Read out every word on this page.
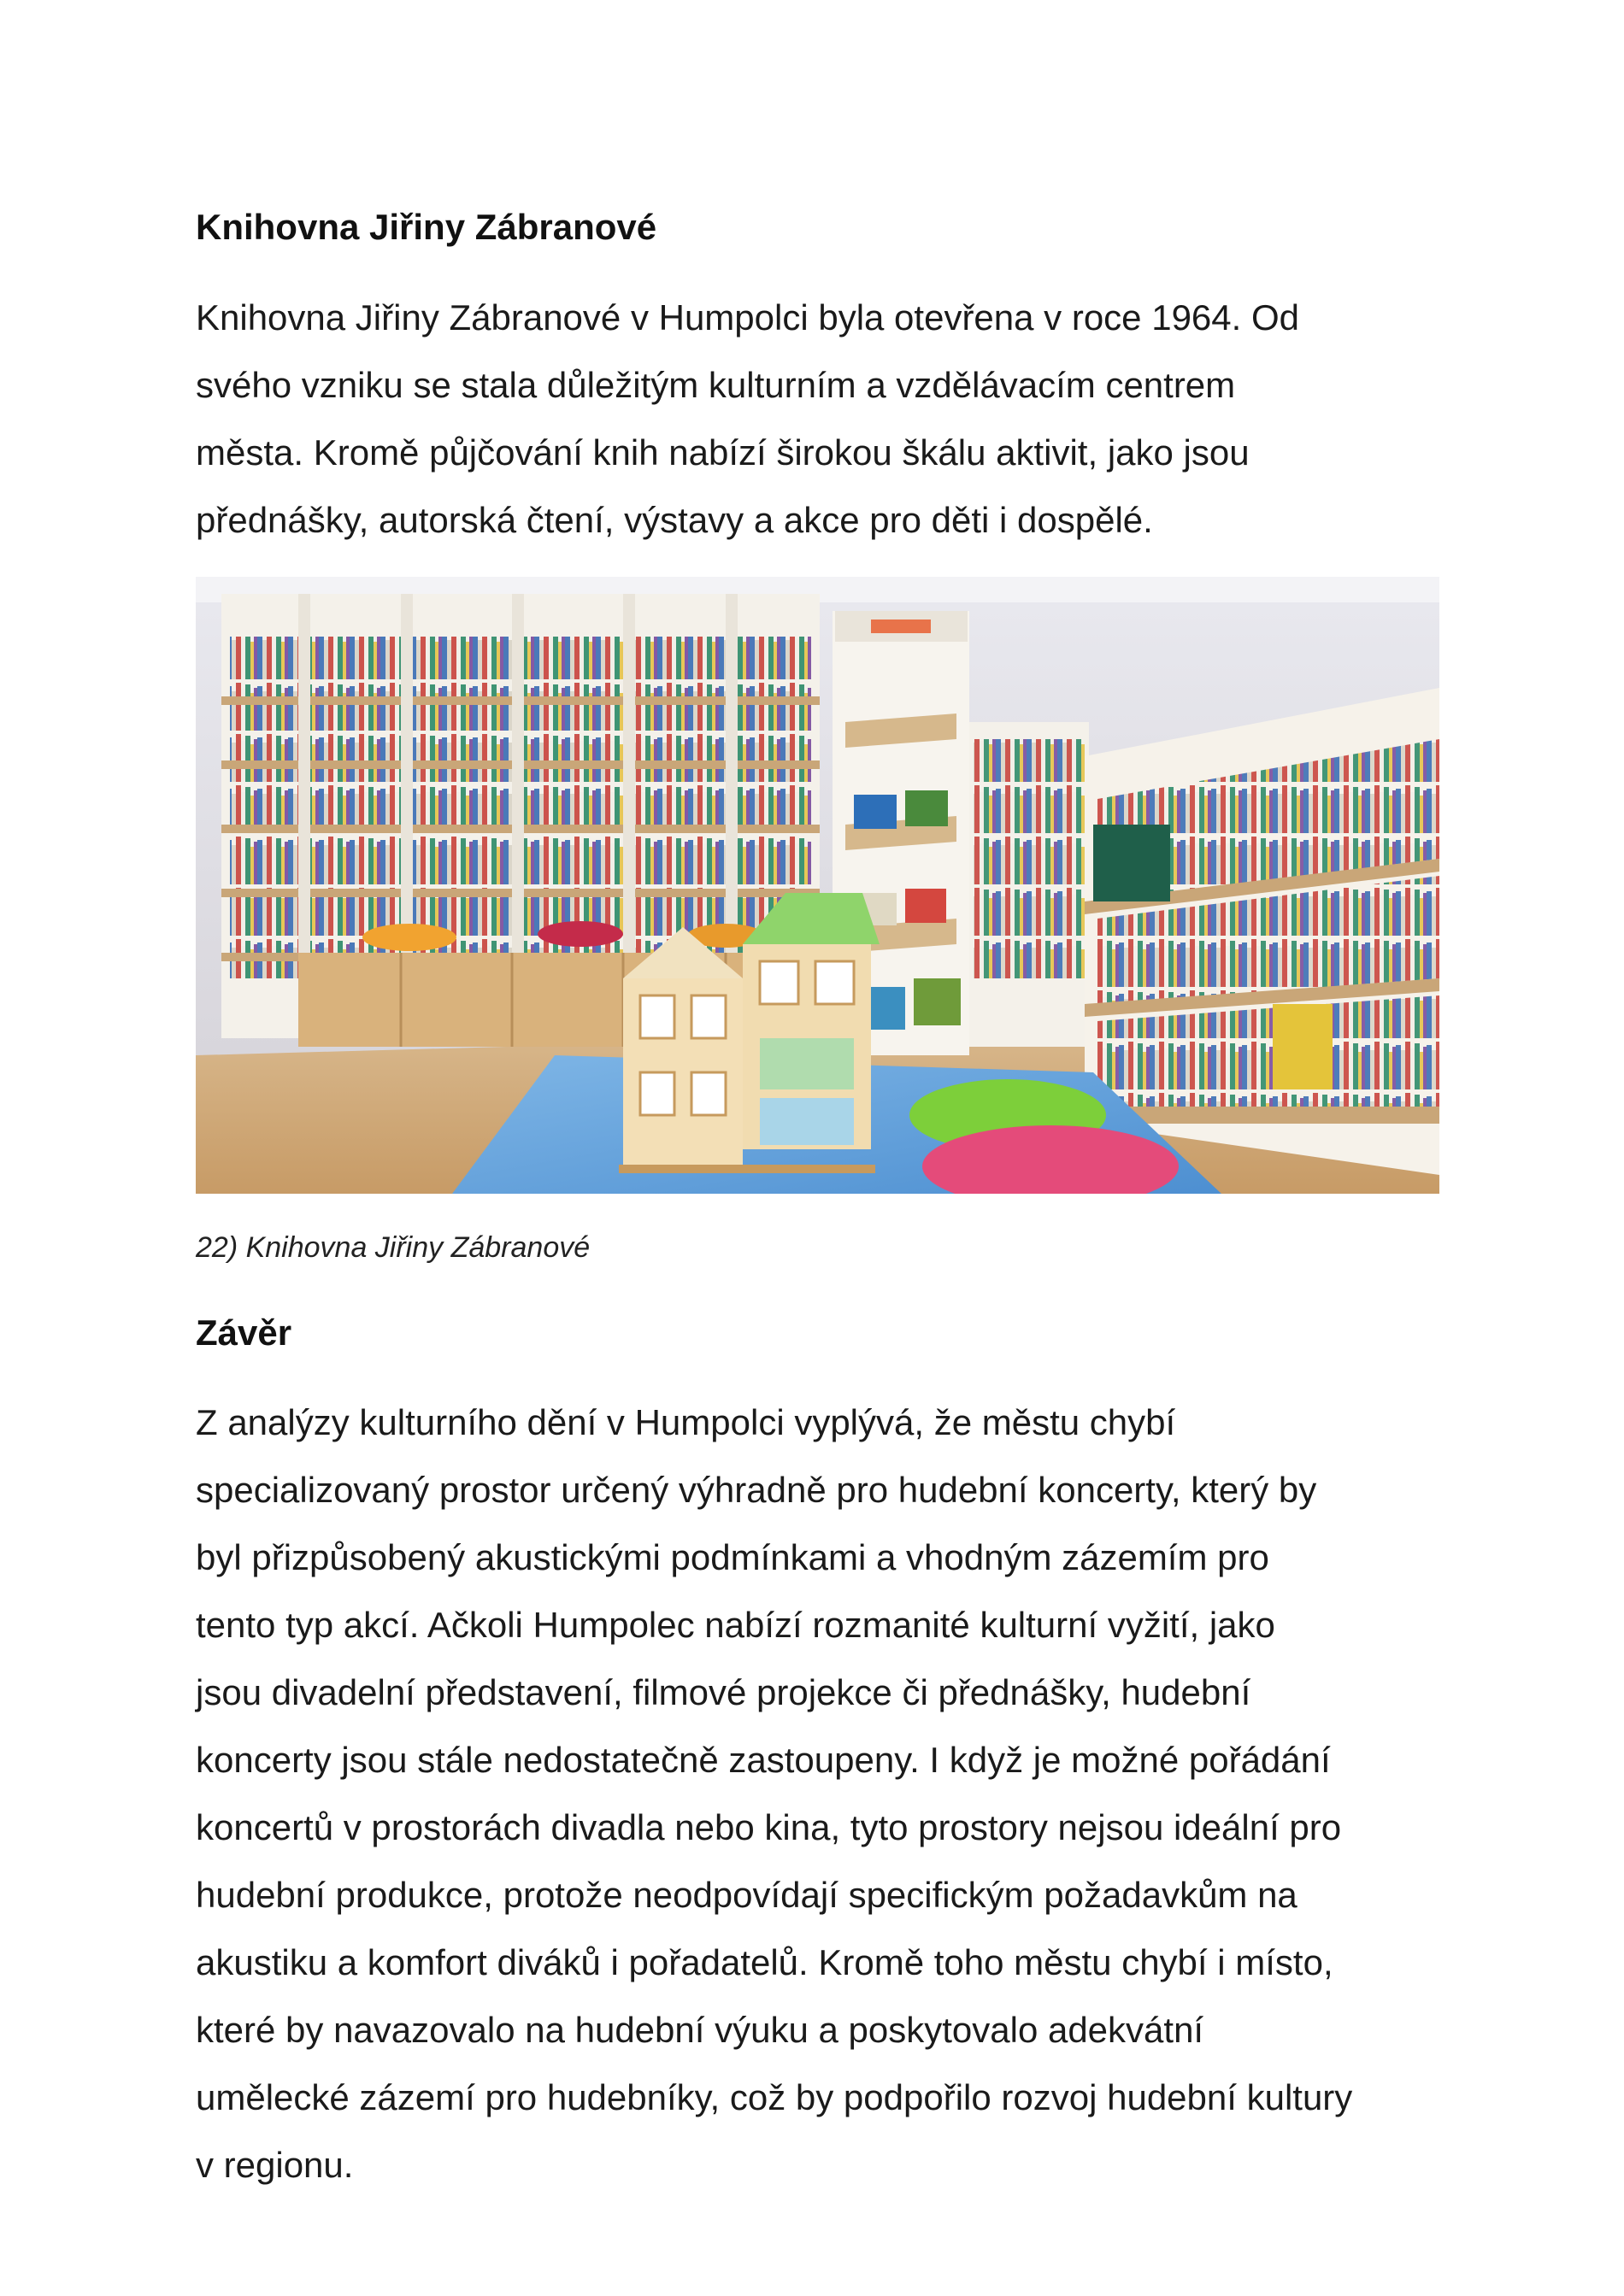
Knihovna Jiřiny Zábranové

Knihovna Jiřiny Zábranové v Humpolci byla otevřena v roce 1964. Od
svého vzniku se stala důležitým kulturním a vzdělávacím centrem
města. Kromě půjčování knih nabízí širokou škálu aktivit, jako jsou
přednášky, autorská čtení, výstavy a akce pro děti i dospělé.

22) Knihovna Jiřiny Zábranové

Závěr

Z analýzy kulturního dění v Humpolci vyplývá, že městu chybí
specializovaný prostor určený výhradně pro hudební koncerty, který by
byl přizpůsobený akustickými podmínkami a vhodným zázemím pro
tento typ akcí. Ačkoli Humpolec nabízí rozmanité kulturní vyžití, jako
jsou divadelní představení, filmové projekce či přednášky, hudební
koncerty jsou stále nedostatečně zastoupeny. I když je možné pořádání
koncertů v prostorách divadla nebo kina, tyto prostory nejsou ideální pro
hudební produkce, protože neodpovídají specifickým požadavkům na
akustiku a komfort diváků i pořadatelů. Kromě toho městu chybí i místo,
které by navazovalo na hudební výuku a poskytovalo adekvátní
umělecké zázemí pro hudebníky, což by podpořilo rozvoj hudební kultury
v regionu.
